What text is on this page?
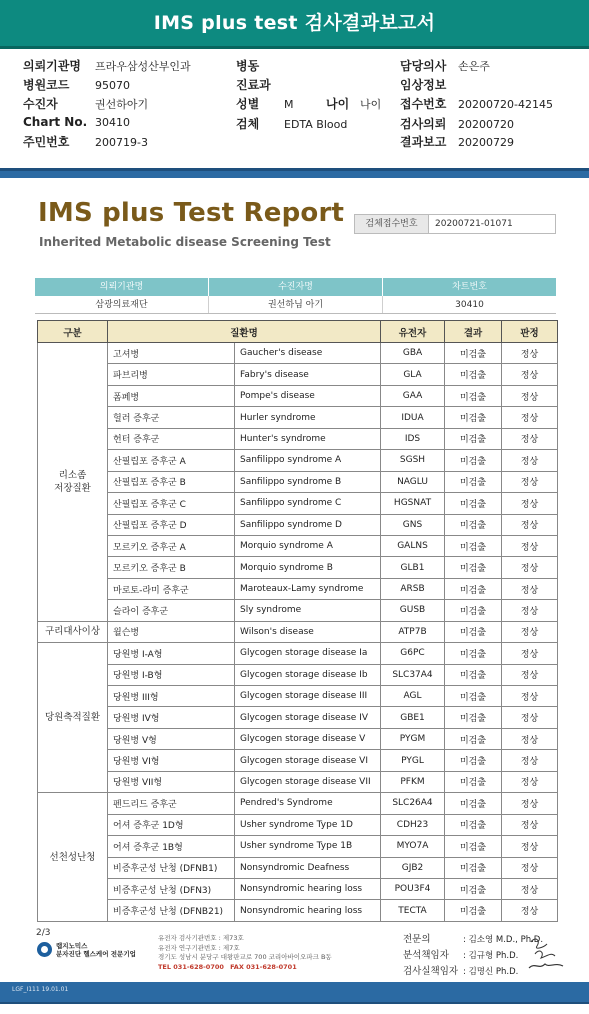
IMS plus test 검사결과보고서
의뢰기관명 프라우삼성산부인과
병원코드 95070
수진자	권선하아기
Chart No. 30410
주민번호 200719-3
병동
진료과
성별 M	나이 나이
검체 EDTA Blood
담당의사 손은주
임상정보
접수번호 20200720-42145
검사의뢰 20200720
결과보고 20200729
IMS plus Test Report
Inherited Metabolic disease Screening Test
검체접수번호	20200721-01071
의뢰기관명	수진자명	차트번호
삼광의료재단	권선하님 아기	30410
구분	질환명		유전자	결과	판정
리소좀
저장질환	고셔병	Gaucher's disease	GBA	미검출	정상
	파브리병	Fabry's disease	GLA	미검출	정상
	폼페병	Pompe's disease	GAA	미검출	정상
	헐러 증후군	Hurler syndrome	IDUA	미검출	정상
	헌터 증후군	Hunter's syndrome	IDS	미검출	정상
	산필립포 증후군 A	Sanfilippo syndrome A	SGSH	미검출	정상
	산필립포 증후군 B	Sanfilippo syndrome B	NAGLU	미검출	정상
	산필립포 증후군 C	Sanfilippo syndrome C	HGSNAT	미검출	정상
	산필립포 증후군 D	Sanfilippo syndrome D	GNS	미검출	정상
	모르키오 증후군 A	Morquio syndrome A	GALNS	미검출	정상
	모르키오 증후군 B	Morquio syndrome B	GLB1	미검출	정상
	마로토-라미 증후군	Maroteaux-Lamy syndrome	ARSB	미검출	정상
	슬라이 증후군	Sly syndrome	GUSB	미검출	정상
구리대사이상	윌슨병	Wilson's disease	ATP7B	미검출	정상
당원축적질환	당원병 I-A형	Glycogen storage disease Ia	G6PC	미검출	정상
	당원병 I-B형	Glycogen storage disease Ib	SLC37A4	미검출	정상
	당원병 III형	Glycogen storage disease III	AGL	미검출	정상
	당원병 IV형	Glycogen storage disease IV	GBE1	미검출	정상
	당원병 V형	Glycogen storage disease V	PYGM	미검출	정상
	당원병 VI형	Glycogen storage disease VI	PYGL	미검출	정상
	당원병 VII형	Glycogen storage disease VII	PFKM	미검출	정상
선천성난청	펜드리드 증후군	Pendred's Syndrome	SLC26A4	미검출	정상
	어셔 증후군 1D형	Usher syndrome Type 1D	CDH23	미검출	정상
	어셔 증후군 1B형	Usher syndrome Type 1B	MYO7A	미검출	정상
	비증후군성 난청 (DFNB1)	Nonsyndromic Deafness	GJB2	미검출	정상
	비증후군성 난청 (DFN3)	Nonsyndromic hearing loss	POU3F4	미검출	정상
	비증후군성 난청 (DFNB21)	Nonsyndromic hearing loss	TECTA	미검출	정상
2/3
랩지노믹스
분자진단 헬스케어 전문기업
유전자 검사기관번호 : 제73호
유전자 연구기관번호 : 제7호
경기도 성남시 분당구 대왕판교로 700 코리아바이오파크 B동
TEL 031-628-0700 FAX 031-628-0701
전문의	: 김소영 M.D., Ph.D.
분석책임자	: 김규형 Ph.D.
검사실책임자 : 김명신 Ph.D.
LGF_I111 19.01.01
